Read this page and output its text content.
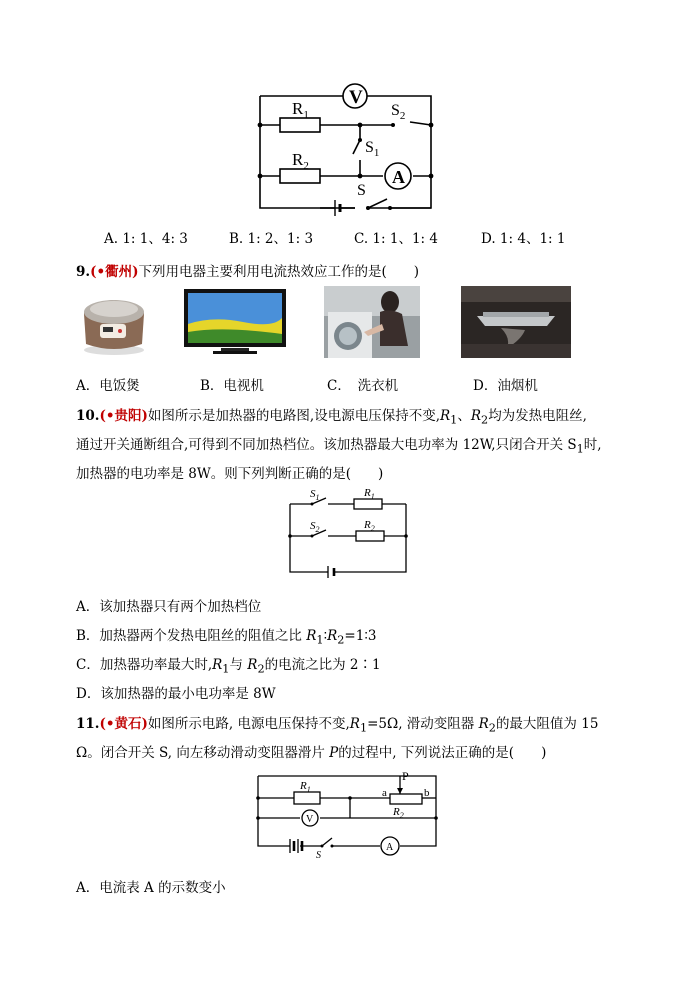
V
A
$R_1$
$R_2$
$S_2$
$S_1$
S
A. 1: 1、4: 3	B. 1: 2、1: 3	C. 1: 1、1: 4	D. 1: 4、1: 1
9.(•衢州)下列用电器主要利用电流热效应工作的是(　　)
A．电饭煲	B．电视机	C．　洗衣机	D．油烟机
10.(•贵阳)如图所示是加热器的电路图,设电源电压保持不变$,R_1$、$R_2$均为发热电阻丝,
通过开关通断组合,可得到不同加热档位。该加热器最大电功率为 12W,只闭合开关 $S_1$时,
加热器的电功率是 8W。则下列判断正确的是(　　)
$S_1$
$S_2$
$R_1$
$R_2$
A．该加热器只有两个加热档位
B．加热器两个发热电阻丝的阻值之比 $R_1∶R_2=1∶3$
C．加热器功率最大时$,R_1$与 $R_2$的电流之比为 2∶1
D．该加热器的最小电功率是 8W
11.(•黄石)如图所示电路, 电源电压保持不变$,R_1=5\Omega$, 滑动变阻器 $R_2$的最大阻值为 15
Ω。闭合开关 S, 向左移动滑动变阻器滑片 P的过程中, 下列说法正确的是(　　)
P
a	b
$R_1$
$R_2$
V
A
S
A．电流表 A 的示数变小
